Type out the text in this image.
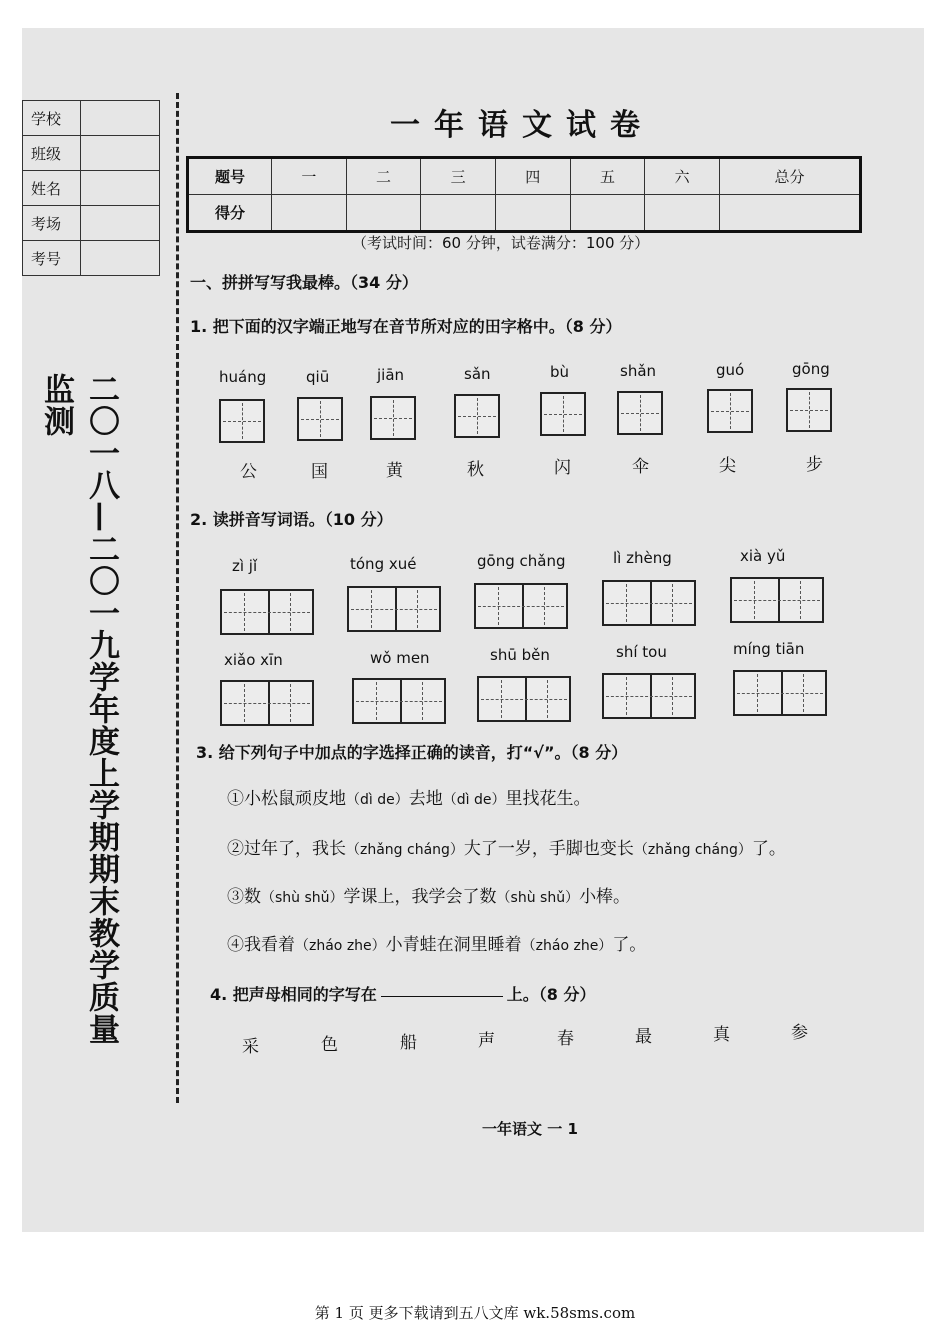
学校	
班级	
姓名	
考场	
考号	
二〇一八—二〇一九学年度上学期期末教学质量监测
一年语文试卷
题号	一	二	三	四	五	六	总分
得分							
（考试时间：60 分钟，试卷满分：100 分）
一、拼拼写写我最棒。（34 分）
1. 把下面的汉字端正地写在音节所对应的田字格中。（8 分）
huáng	qiū	jiān	sǎn	bù	shǎn	guó	gōng
公	国	黄	秋	闪	伞	尖	步
2. 读拼音写词语。（10 分）
zì jǐ	tóng xué	gōng chǎng	lì zhèng	xià yǔ
xiǎo xīn	wǒ men	shū běn	shí tou	míng tiān
3. 给下列句子中加点的字选择正确的读音，打“√”。（8 分）
①小松鼠顽皮地（dì de）去地（dì de）里找花生。
②过年了，我长（zhǎng cháng）大了一岁，手脚也变长（zhǎng cháng）了。
③数（shù shǔ）学课上，我学会了数（shù shǔ）小棒。
④我看着（zháo zhe）小青蛙在洞里睡着（zháo zhe）了。
4. 把声母相同的字写在	上。（8 分）
采	色	船	声	春	最	真	参
一年语文 一 1
第 1 页 更多下载请到五八文库 wk.58sms.com
